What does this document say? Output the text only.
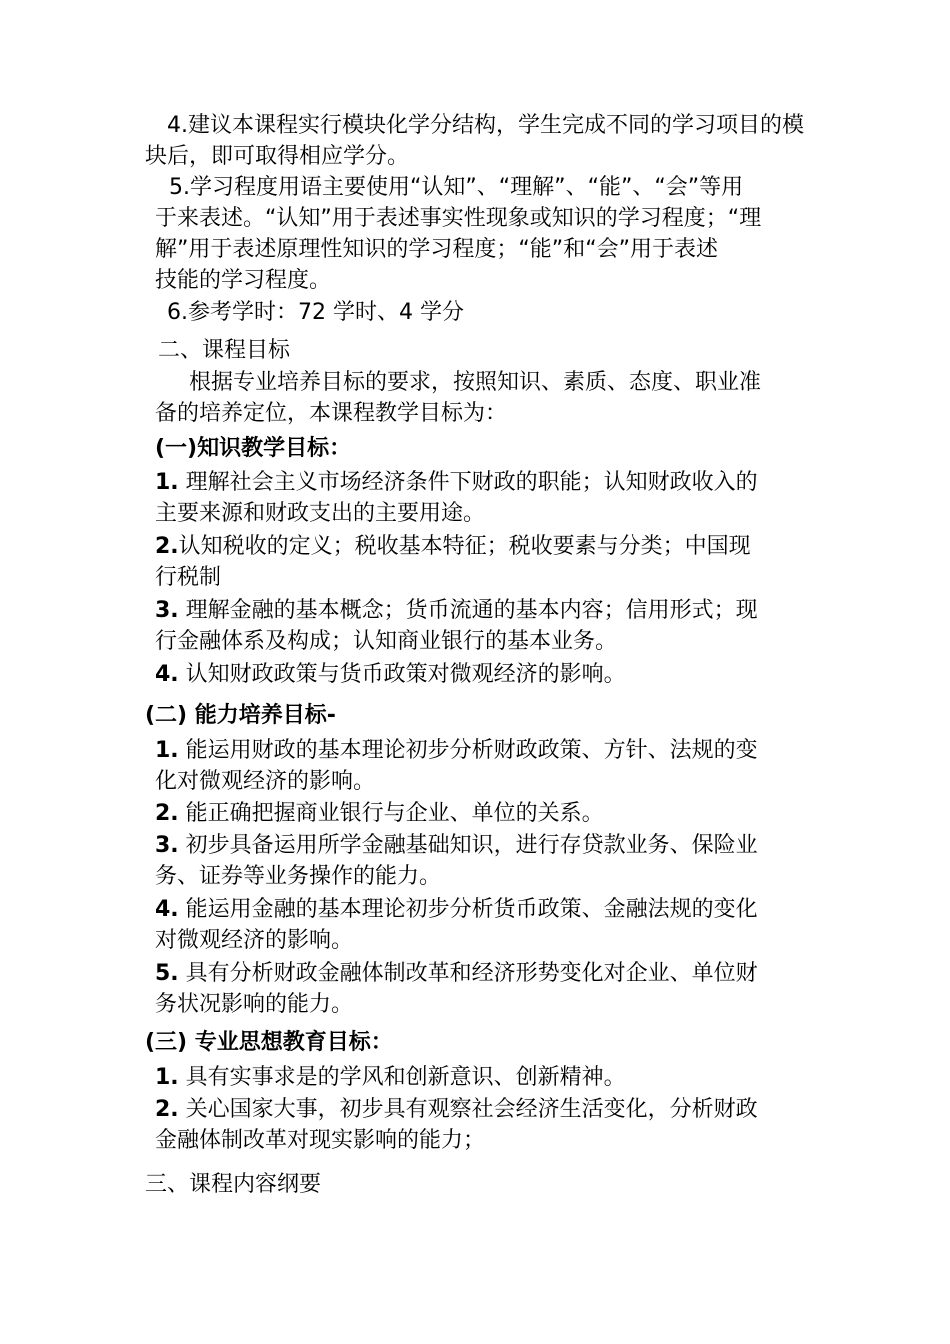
4.建议本课程实行模块化学分结构，学生完成不同的学习项目的模
块后，即可取得相应学分。
5.学习程度用语主要使用“认知”、“理解”、“能”、“会”等用
于来表述。“认知”用于表述事实性现象或知识的学习程度；“理
解”用于表述原理性知识的学习程度；“能”和“会”用于表述
技能的学习程度。
6.参考学时：72 学时、4 学分
二、课程目标
根据专业培养目标的要求，按照知识、素质、态度、职业准
备的培养定位，本课程教学目标为：
(一)知识教学目标：
1. 理解社会主义市场经济条件下财政的职能；认知财政收入的
主要来源和财政支出的主要用途。
2.认知税收的定义；税收基本特征；税收要素与分类；中国现
行税制
3. 理解金融的基本概念；货币流通的基本内容；信用形式；现
行金融体系及构成；认知商业银行的基本业务。
4. 认知财政政策与货币政策对微观经济的影响。
(二) 能力培养目标-
1. 能运用财政的基本理论初步分析财政政策、方针、法规的变
化对微观经济的影响。
2. 能正确把握商业银行与企业、单位的关系。
3. 初步具备运用所学金融基础知识，进行存贷款业务、保险业
务、证券等业务操作的能力。
4. 能运用金融的基本理论初步分析货币政策、金融法规的变化
对微观经济的影响。
5. 具有分析财政金融体制改革和经济形势变化对企业、单位财
务状况影响的能力。
(三) 专业思想教育目标：
1. 具有实事求是的学风和创新意识、创新精神。
2. 关心国家大事，初步具有观察社会经济生活变化，分析财政
金融体制改革对现实影响的能力；
三、课程内容纲要
